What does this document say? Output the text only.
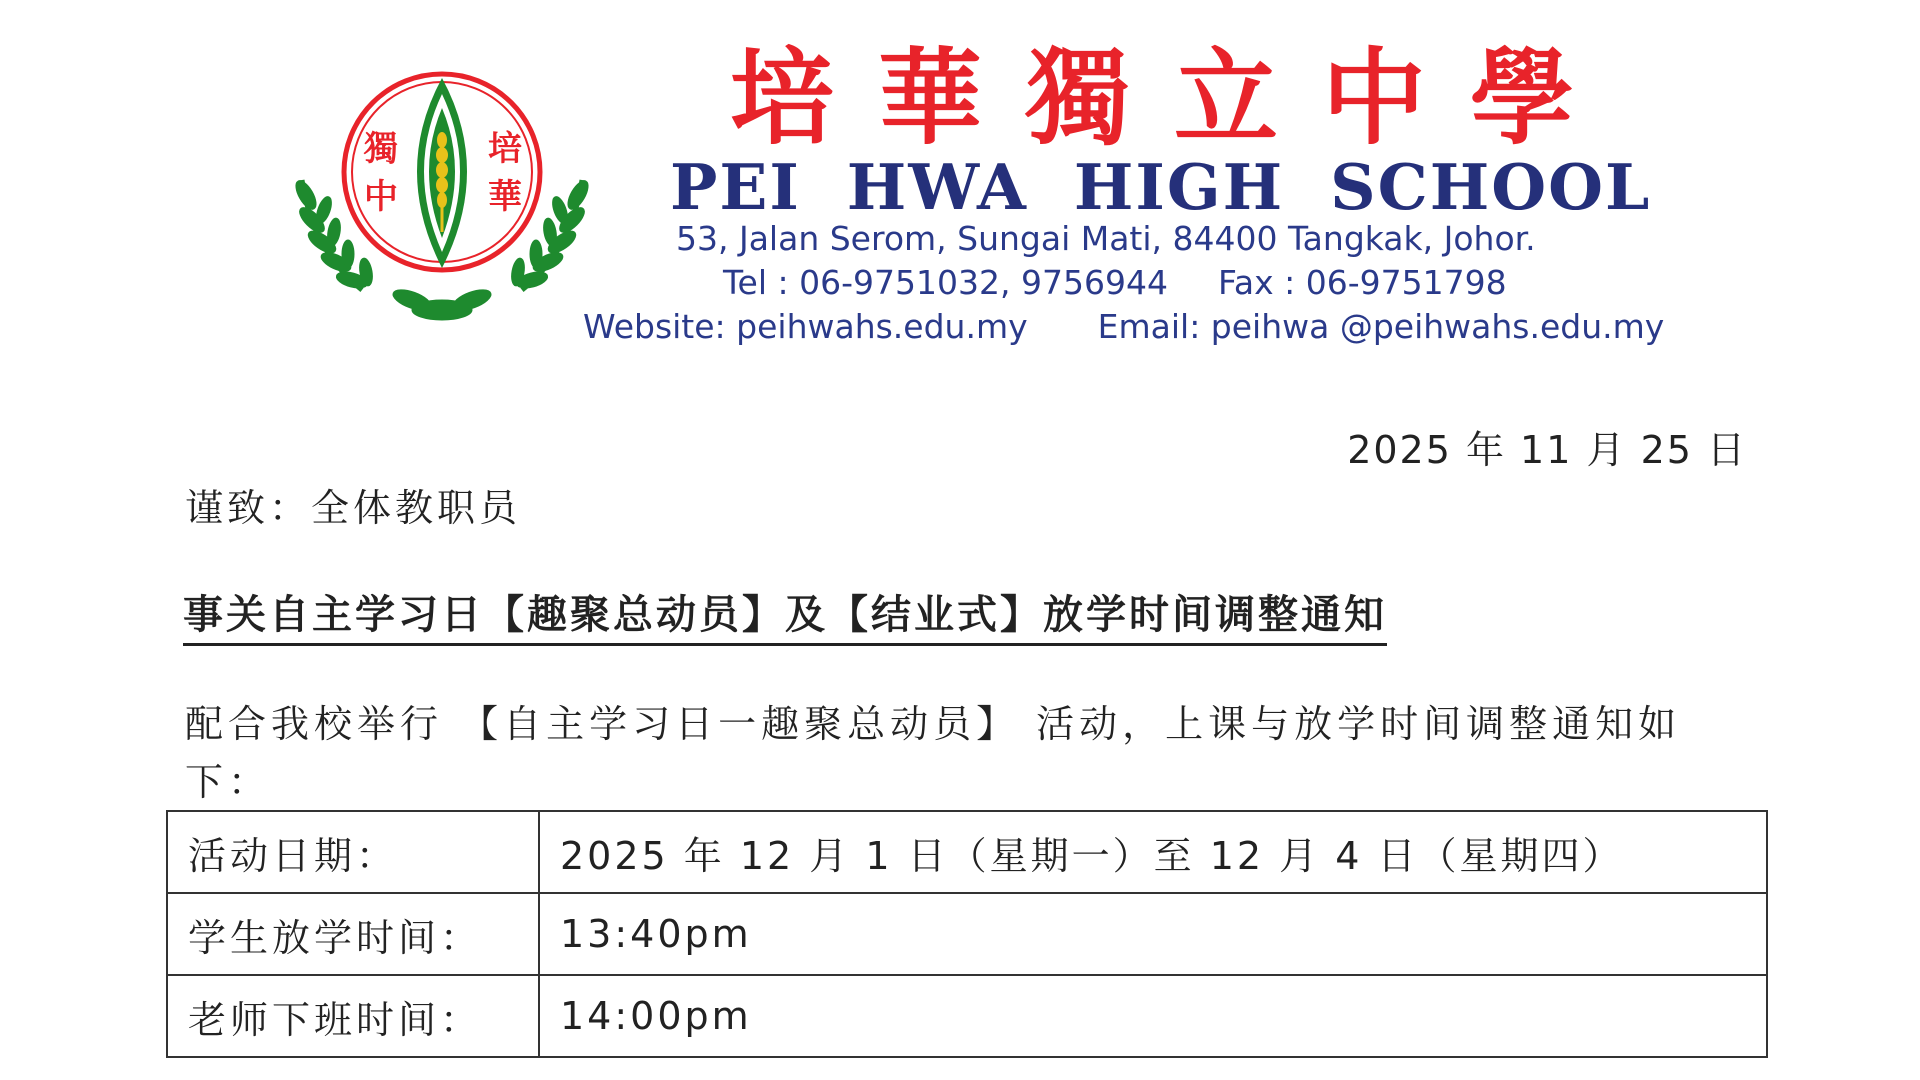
獨
中
培
華
培華獨立中學
PEI HWA HIGH SCHOOL
53, Jalan Serom, Sungai Mati, 84400 Tangkak, Johor.
Tel : 06-9751032, 9756944 Fax : 06-9751798
Website: peihwahs.edu.my Email: peihwa @peihwahs.edu.my
2025 年 11 月 25 日
谨致：全体教职员
事关自主学习日【趣聚总动员】及【结业式】放学时间调整通知
配合我校举行 【自主学习日一趣聚总动员】 活动，上课与放学时间调整通知如下：
活动日期：	2025 年 12 月 1 日（星期一）至 12 月 4 日（星期四）
学生放学时间：	13:40pm
老师下班时间：	14:00pm
